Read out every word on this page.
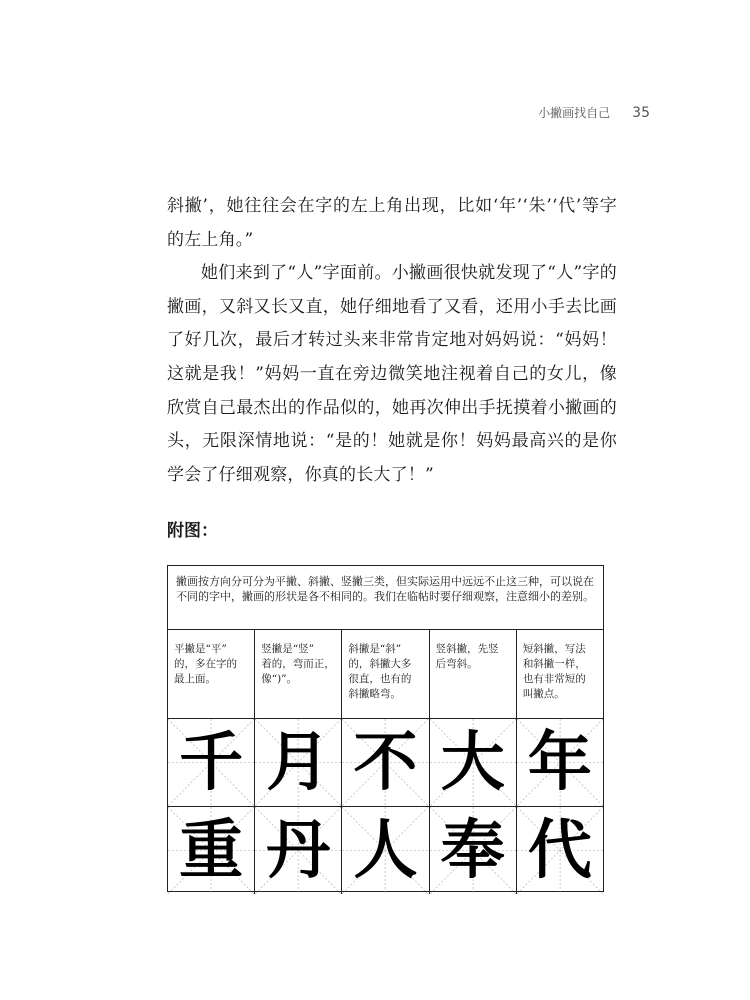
小撇画找自己 35

斜撇’，她往往会在字的左上角出现，比如‘年’‘朱’‘代’等字的左上角。”

她们来到了“人”字面前。小撇画很快就发现了“人”字的撇画，又斜又长又直，她仔细地看了又看，还用小手去比画了好几次，最后才转过头来非常肯定地对妈妈说：“妈妈！这就是我！”妈妈一直在旁边微笑地注视着自己的女儿，像欣赏自己最杰出的作品似的，她再次伸出手抚摸着小撇画的头，无限深情地说：“是的！她就是你！妈妈最高兴的是你学会了仔细观察，你真的长大了！”

附图：
撇画按方向分可分为平撇、斜撇、竖撇三类，但实际运用中远远不止这三种，可以说在不同的字中，撇画的形状是各不相同的。我们在临帖时要仔细观察，注意细小的差别。
平撇是“平”
的，多在字的
最上面。
竖撇是“竖”
着的，弯而正，
像“)”。
斜撇是“斜”
的，斜撇大多
很直，也有的
斜撇略弯。
竖斜撇，先竖
后弯斜。
短斜撇，写法
和斜撇一样，
也有非常短的
叫撇点。
千 月 不 大 年
重 丹 人 奉 代
